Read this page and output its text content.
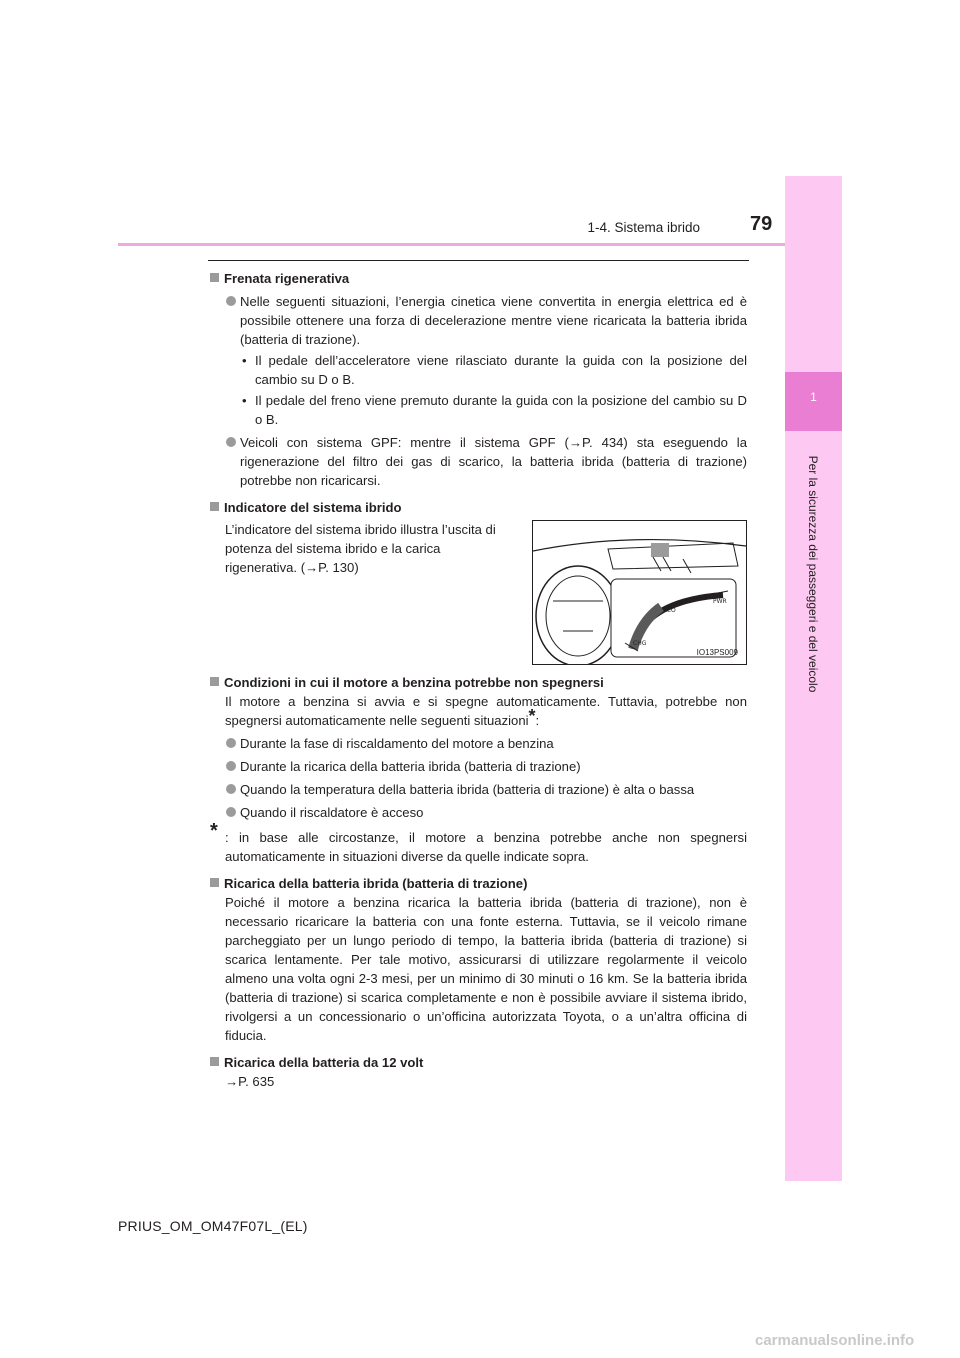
1
Per la sicurezza dei passeggeri e del veicolo
1-4. Sistema ibrido	79
Frenata rigenerativa
Nelle seguenti situazioni, l’energia cinetica viene convertita in energia elettrica ed è possibile ottenere una forza di decelerazione mentre viene ricaricata la batteria ibrida (batteria di trazione).
• Il pedale dell’acceleratore viene rilasciato durante la guida con la posizione del cambio su D o B.
• Il pedale del freno viene premuto durante la guida con la posizione del cambio su D o B.
Veicoli con sistema GPF: mentre il sistema GPF (→P. 434) sta eseguendo la rigenerazione del filtro dei gas di scarico, la batteria ibrida (batteria di trazione) potrebbe non ricaricarsi.
Indicatore del sistema ibrido
L’indicatore del sistema ibrido illustra l’uscita di potenza del sistema ibrido e la carica rigenerativa. (→P. 130)
ECO
PWR
CHG
IO13PS009
Condizioni in cui il motore a benzina potrebbe non spegnersi
Il motore a benzina si avvia e si spegne automaticamente. Tuttavia, potrebbe non spegnersi automaticamente nelle seguenti situazioni*:
Durante la fase di riscaldamento del motore a benzina
Durante la ricarica della batteria ibrida (batteria di trazione)
Quando la temperatura della batteria ibrida (batteria di trazione) è alta o bassa
Quando il riscaldatore è acceso
* : in base alle circostanze, il motore a benzina potrebbe anche non spegnersi automaticamente in situazioni diverse da quelle indicate sopra.
Ricarica della batteria ibrida (batteria di trazione)
Poiché il motore a benzina ricarica la batteria ibrida (batteria di trazione), non è necessario ricaricare la batteria con una fonte esterna. Tuttavia, se il veicolo rimane parcheggiato per un lungo periodo di tempo, la batteria ibrida (batteria di trazione) si scarica lentamente. Per tale motivo, assicurarsi di utilizzare regolarmente il veicolo almeno una volta ogni 2-3 mesi, per un minimo di 30 minuti o 16 km. Se la batteria ibrida (batteria di trazione) si scarica completamente e non è possibile avviare il sistema ibrido, rivolgersi a un concessionario o un’officina autorizzata Toyota, o a un’altra officina di fiducia.
Ricarica della batteria da 12 volt
→P. 635
PRIUS_OM_OM47F07L_(EL)
carmanualsonline.info
